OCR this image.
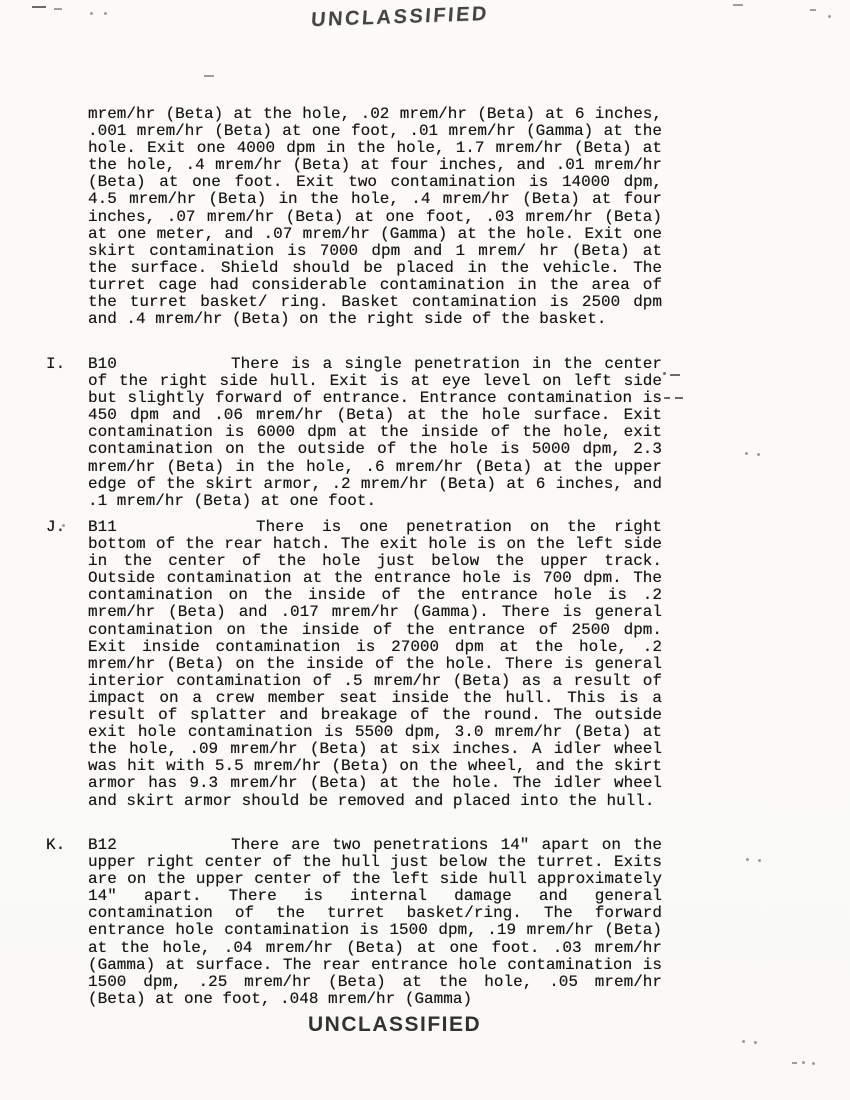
UNCLASSIFIED

mrem/hr (Beta) at the hole, .02 mrem/hr (Beta) at 6 inches, .001 mrem/hr (Beta) at one foot, .01 mrem/hr (Gamma) at the hole. Exit one 4000 dpm in the hole, 1.7 mrem/hr (Beta) at the hole, .4 mrem/hr (Beta) at four inches, and .01 mrem/hr (Beta) at one foot. Exit two contamination is 14000 dpm, 4.5 mrem/hr (Beta) in the hole, .4 mrem/hr (Beta) at four inches, .07 mrem/hr (Beta) at one foot, .03 mrem/hr (Beta) at one meter, and .07 mrem/hr (Gamma) at the hole. Exit one skirt contamination is 7000 dpm and 1 mrem/ hr (Beta) at the surface. Shield should be placed in the vehicle. The turret cage had considerable contamination in the area of the turret basket/ ring. Basket contamination is 2500 dpm and .4 mrem/hr (Beta) on the right side of the basket.

I. B10	There is a single penetration in the center of the right side hull. Exit is at eye level on left side but slightly forward of entrance. Entrance contamination is 450 dpm and .06 mrem/hr (Beta) at the hole surface. Exit contamination is 6000 dpm at the inside of the hole, exit contamination on the outside of the hole is 5000 dpm, 2.3 mrem/hr (Beta) in the hole, .6 mrem/hr (Beta) at the upper edge of the skirt armor, .2 mrem/hr (Beta) at 6 inches, and .1 mrem/hr (Beta) at one foot.

J. B11	There is one penetration on the right bottom of the rear hatch. The exit hole is on the left side in the center of the hole just below the upper track. Outside contamination at the entrance hole is 700 dpm. The contamination on the inside of the entrance hole is .2 mrem/hr (Beta) and .017 mrem/hr (Gamma). There is general contamination on the inside of the entrance of 2500 dpm. Exit inside contamination is 27000 dpm at the hole, .2 mrem/hr (Beta) on the inside of the hole. There is general interior contamination of .5 mrem/hr (Beta) as a result of impact on a crew member seat inside the hull. This is a result of splatter and breakage of the round. The outside exit hole contamination is 5500 dpm, 3.0 mrem/hr (Beta) at the hole, .09 mrem/hr (Beta) at six inches. A idler wheel was hit with 5.5 mrem/hr (Beta) on the wheel, and the skirt armor has 9.3 mrem/hr (Beta) at the hole. The idler wheel and skirt armor should be removed and placed into the hull.

K. B12	There are two penetrations 14" apart on the upper right center of the hull just below the turret. Exits are on the upper center of the left side hull approximately 14" apart. There is internal damage and general contamination of the turret basket/ring. The forward entrance hole contamination is 1500 dpm, .19 mrem/hr (Beta) at the hole, .04 mrem/hr (Beta) at one foot. .03 mrem/hr (Gamma) at surface. The rear entrance hole contamination is 1500 dpm, .25 mrem/hr (Beta) at the hole, .05 mrem/hr (Beta) at one foot, .048 mrem/hr (Gamma)

UNCLASSIFIED
